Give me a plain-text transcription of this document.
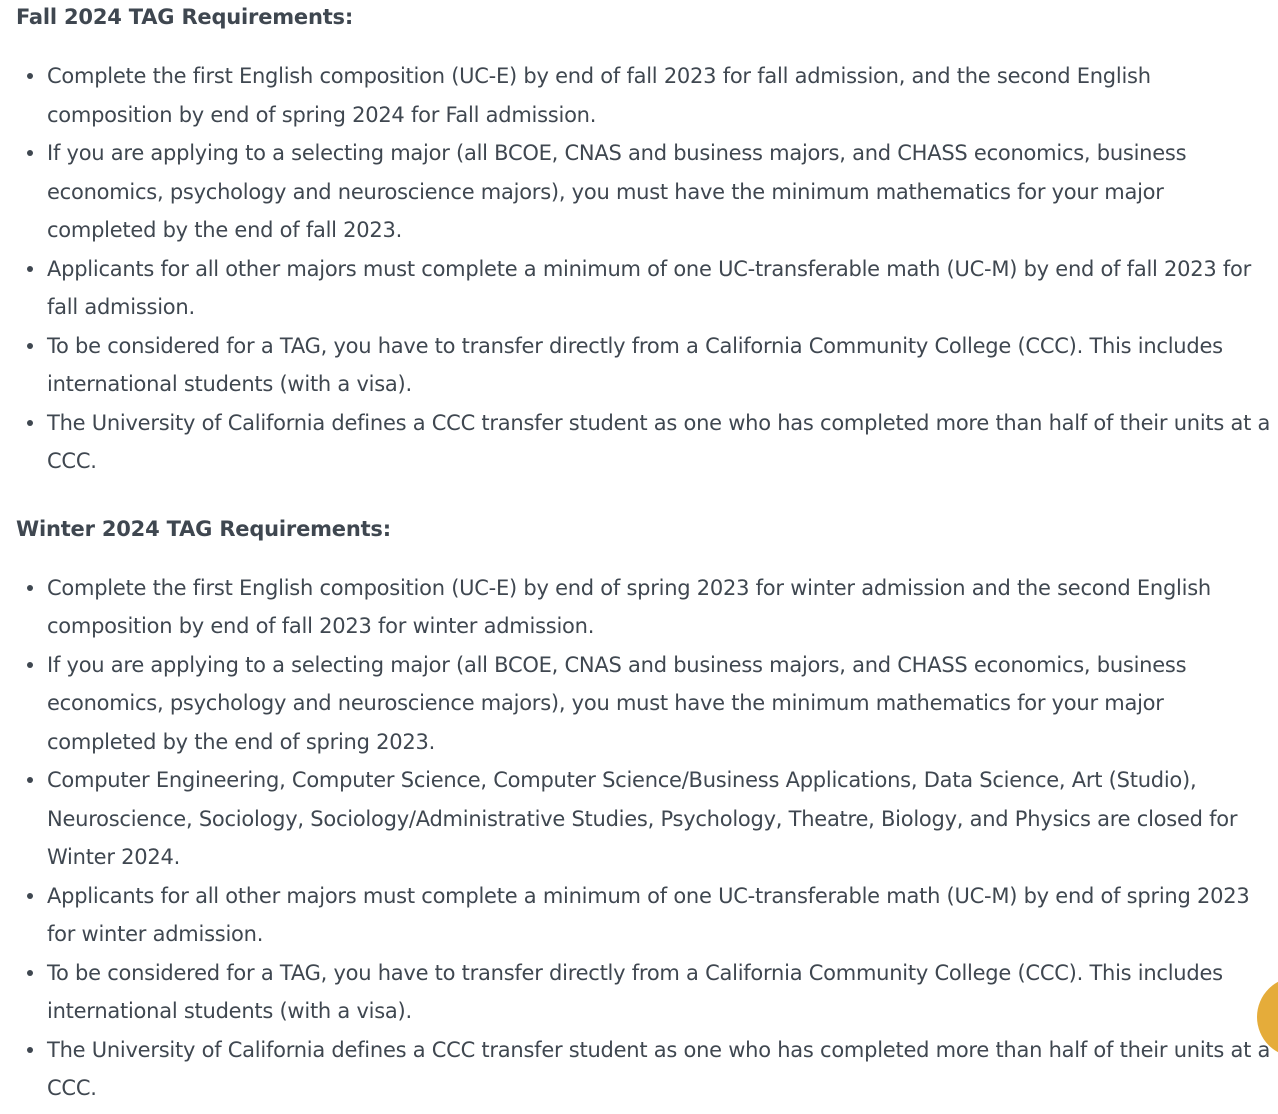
Fall 2024 TAG Requirements:
Complete the first English composition (UC-E) by end of fall 2023 for fall admission, and the second English composition by end of spring 2024 for Fall admission.
If you are applying to a selecting major (all BCOE, CNAS and business majors, and CHASS economics, business economics, psychology and neuroscience majors), you must have the minimum mathematics for your major completed by the end of fall 2023.
Applicants for all other majors must complete a minimum of one UC-transferable math (UC-M) by end of fall 2023 for fall admission.
To be considered for a TAG, you have to transfer directly from a California Community College (CCC). This includes international students (with a visa).
The University of California defines a CCC transfer student as one who has completed more than half of their units at a CCC.
Winter 2024 TAG Requirements:
Complete the first English composition (UC-E) by end of spring 2023 for winter admission and the second English composition by end of fall 2023 for winter admission.
If you are applying to a selecting major (all BCOE, CNAS and business majors, and CHASS economics, business economics, psychology and neuroscience majors), you must have the minimum mathematics for your major completed by the end of spring 2023.
Computer Engineering, Computer Science, Computer Science/Business Applications, Data Science, Art (Studio), Neuroscience, Sociology, Sociology/Administrative Studies, Psychology, Theatre, Biology, and Physics are closed for Winter 2024.
Applicants for all other majors must complete a minimum of one UC-transferable math (UC-M) by end of spring 2023 for winter admission.
To be considered for a TAG, you have to transfer directly from a California Community College (CCC). This includes international students (with a visa).
The University of California defines a CCC transfer student as one who has completed more than half of their units at a CCC.
